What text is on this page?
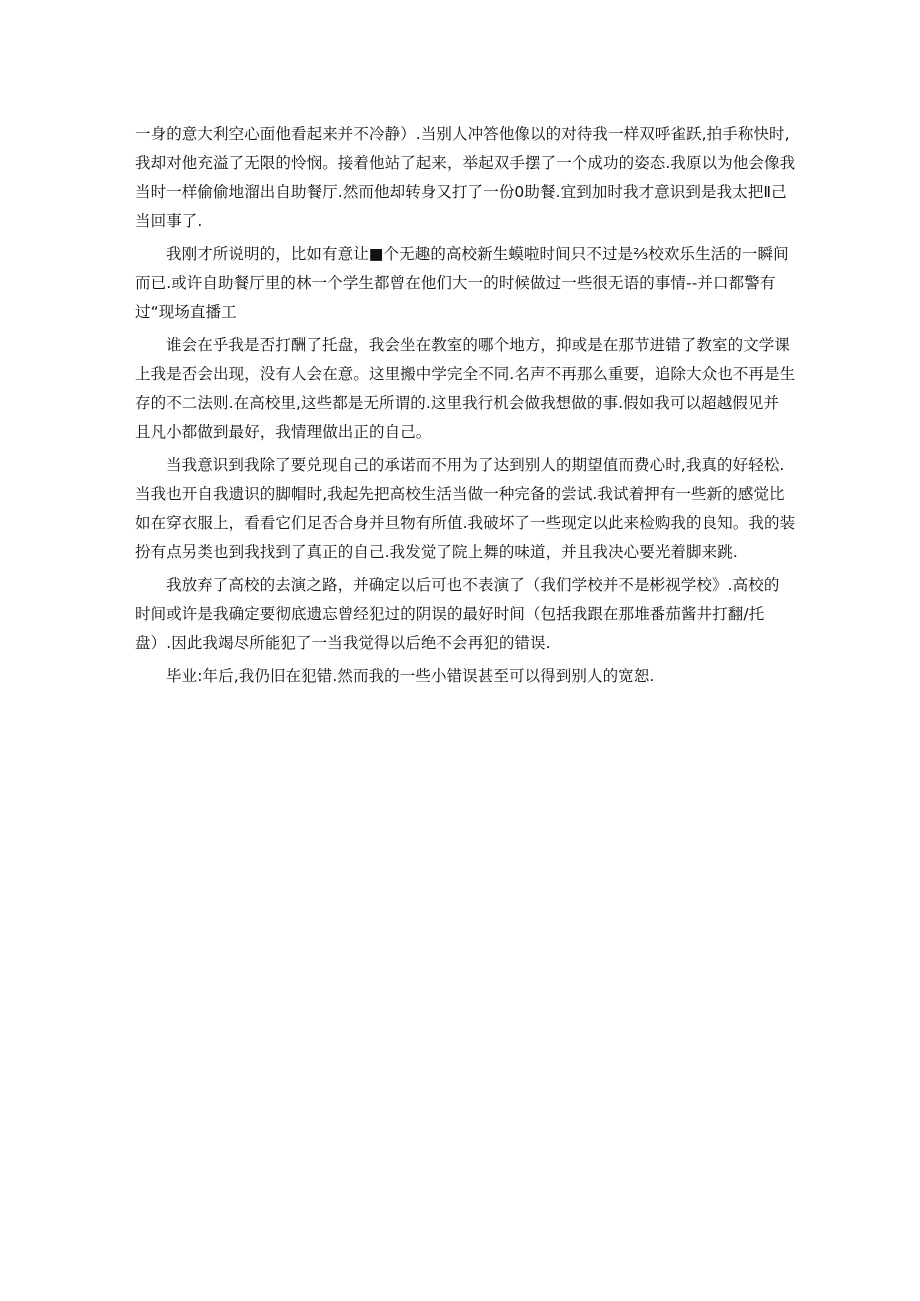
一身的意大利空心面他看起来并不冷静）.当别人冲答他像以的对待我一样双呼雀跃,拍手称快时,
我却对他充溢了无限的怜悯。接着他站了起来，举起双手摆了一个成功的姿态.我原以为他会像我
当时一样偷偷地溜出自助餐厅.然而他却转身又打了一份0助餐.宜到加时我才意识到是我太把Ⅱ己
当回事了.

我刚才所说明的，比如有意让■个无趣的高校新生蟆啦时间只不过是⅔校欢乐生活的一瞬间
而已.或许自助餐厅里的林一个学生都曾在他们大一的时候做过一些很无语的事情--并口都警有
过“现场直播工

谁会在乎我是否打酬了托盘，我会坐在教室的哪个地方，抑或是在那节进错了教室的文学课
上我是否会出现，没有人会在意。这里搬中学完全不同.名声不再那么重要，追除大众也不再是生
存的不二法则.在高校里,这些都是无所谓的.这里我行机会做我想做的事.假如我可以超越假见并
且凡小都做到最好，我情理做出正的自己。

当我意识到我除了要兑现自己的承诺而不用为了达到别人的期望值而费心时,我真的好轻松.
当我也开自我遗识的脚帽时,我起先把高校生活当做一种完备的尝试.我试着押有一些新的感觉比
如在穿衣服上，看看它们足否合身并旦物有所值.我破坏了一些现定以此来检购我的良知。我的装
扮有点另类也到我找到了真正的自己.我发觉了院上舞的味道，并且我决心要光着脚来跳.

我放弃了高校的去演之路，并确定以后可也不表演了（我们学校并不是彬视学校》.高校的
时间或许是我确定要彻底遗忘曾经犯过的阴误的最好时间（包括我跟在那堆番茄酱井打翻/托
盘）.因此我竭尽所能犯了一当我觉得以后绝不会再犯的错误.

毕业:年后,我仍旧在犯错.然而我的一些小错误甚至可以得到别人的宽恕.
